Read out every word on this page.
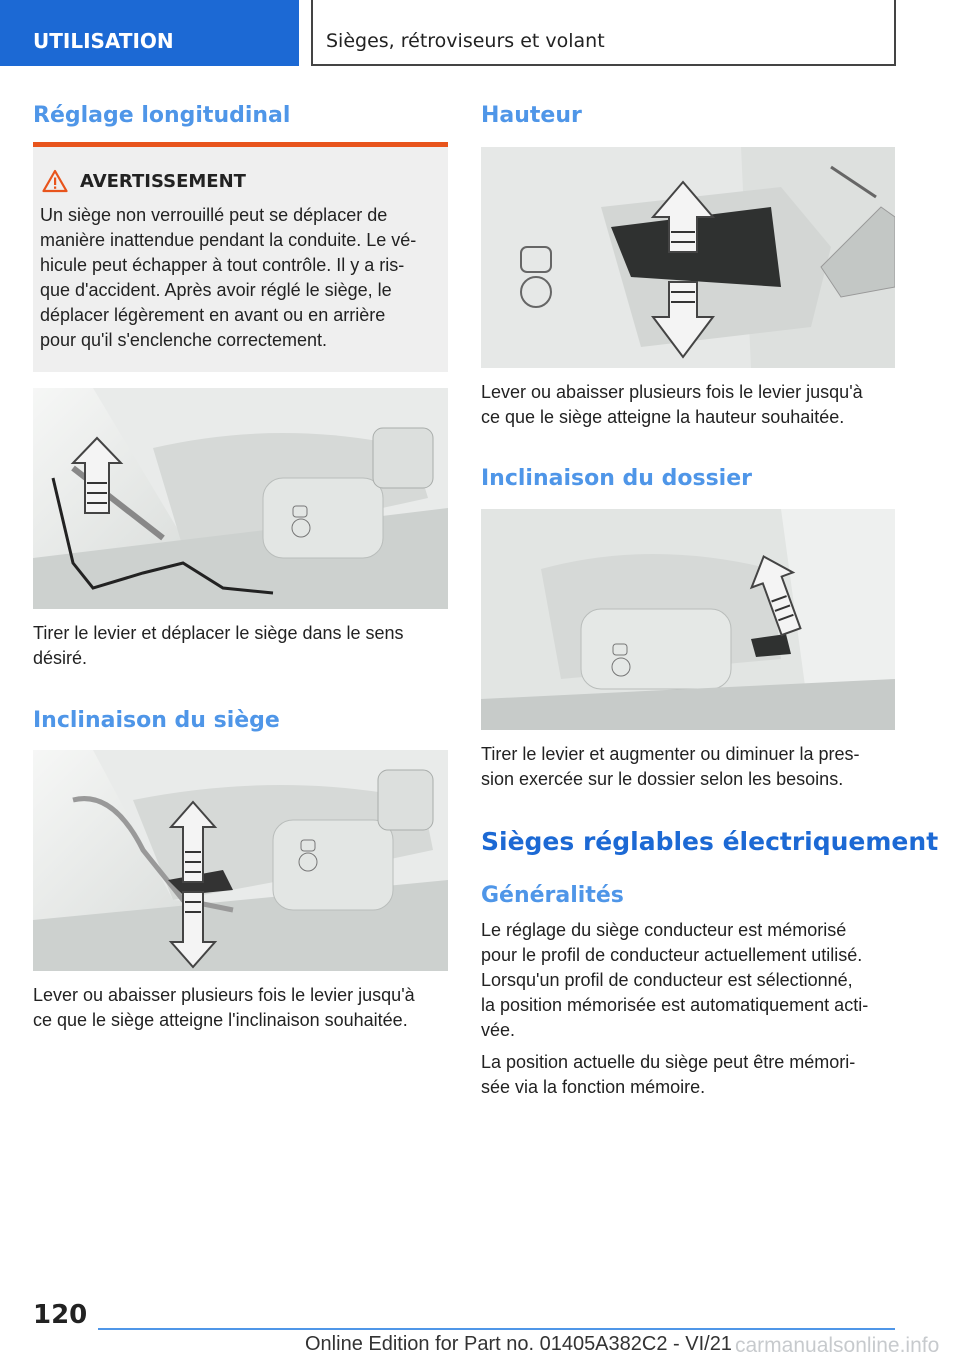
UTILISATION	Sièges, rétroviseurs et volant
Réglage longitudinal
AVERTISSEMENT

Un siège non verrouillé peut se déplacer de
manière inattendue pendant la conduite. Le vé‐
hicule peut échapper à tout contrôle. Il y a ris‐
que d'accident. Après avoir réglé le siège, le
déplacer légèrement en avant ou en arrière
pour qu'il s'enclenche correctement.

Tirer le levier et déplacer le siège dans le sens
désiré.

Inclinaison du siège

Lever ou abaisser plusieurs fois le levier jusqu'à
ce que le siège atteigne l'inclinaison souhaitée.

Hauteur

Lever ou abaisser plusieurs fois le levier jusqu'à
ce que le siège atteigne la hauteur souhaitée.

Inclinaison du dossier

Tirer le levier et augmenter ou diminuer la pres‐
sion exercée sur le dossier selon les besoins.

Sièges réglables électriquement
Généralités

Le réglage du siège conducteur est mémorisé
pour le profil de conducteur actuellement utilisé.
Lorsqu'un profil de conducteur est sélectionné,
la position mémorisée est automatiquement acti‐
vée.

La position actuelle du siège peut être mémori‐
sée via la fonction mémoire.

120
Online Edition for Part no. 01405A382C2 - VI/21 carmanualsonline.info
